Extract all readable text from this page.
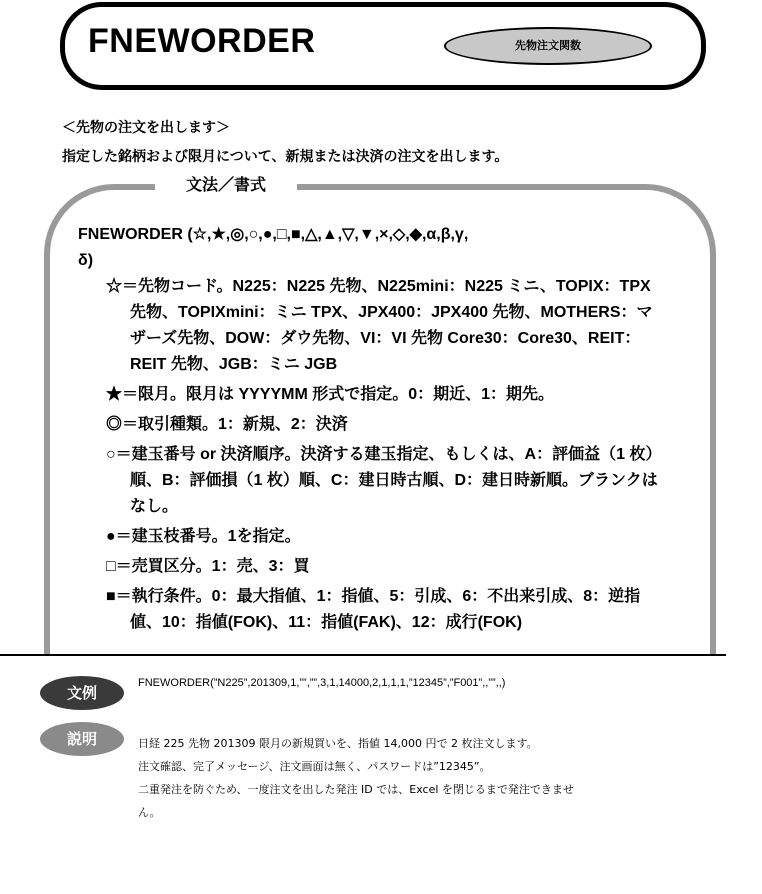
FNEWORDER	先物注文関数
＜先物の注文を出します＞
指定した銘柄および限月について、新規または決済の注文を出します。
文法／書式

FNEWORDER (☆,★,◎,○,●,□,■,△,▲,▽,▼,×,◇,◆,α,β,γ,

δ)

☆＝先物コード。N225：N225 先物、N225mini：N225 ミニ、TOPIX：TPX 先物、TOPIXmini：ミニ TPX、JPX400：JPX400 先物、MOTHERS：マザーズ先物、DOW：ダウ先物、VI：VI 先物 Core30：Core30、REIT：REIT 先物、JGB：ミニ JGB

★＝限月。限月は YYYYMM 形式で指定。0：期近、1：期先。

◎＝取引種類。1：新規、2：決済

○＝建玉番号 or 決済順序。決済する建玉指定、もしくは、A：評価益（1 枚）順、B：評価損（1 枚）順、C：建日時古順、D：建日時新順。ブランクはなし。

●＝建玉枝番号。1を指定。

□＝売買区分。1：売、3：買

■＝執行条件。0：最大指値、1：指値、5：引成、6：不出来引成、8：逆指値、10：指値(FOK)、11：指値(FAK)、12：成行(FOK)

文例
FNEWORDER(”N225”,201309,1,””,””,3,1,14000,2,1,1,1,”12345”,”F001”,,””,,)
説明	日経 225 先物 201309 限月の新規買いを、指値 14,000 円で 2 枚注文します。

注文確認、完了メッセージ、注文画面は無く、パスワードは”12345”。

二重発注を防ぐため、一度注文を出した発注 ID では、Excel を閉じるまで発注できませ

ん。
